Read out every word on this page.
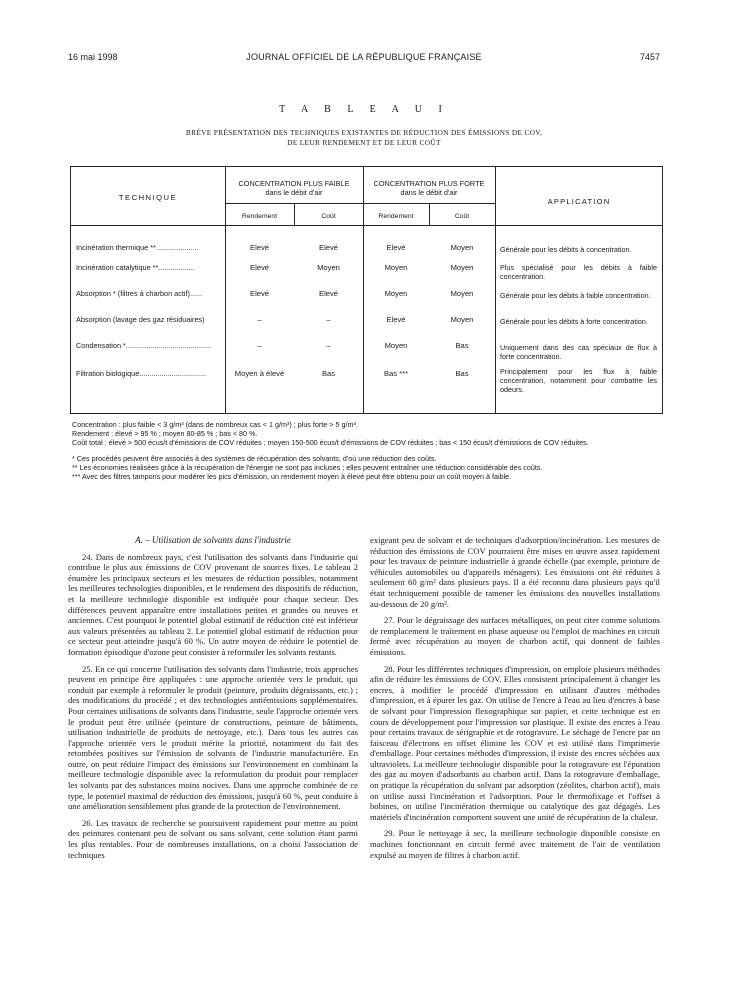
16 mai 1998	JOURNAL OFFICIEL DE LA RÉPUBLIQUE FRANÇAISE	7457
T A B L E A U I
BRÈVE PRÉSENTATION DES TECHNIQUES EXISTANTES DE RÉDUCTION DES ÉMISSIONS DE COV,
DE LEUR RENDEMENT ET DE LEUR COÛT
TECHNIQUE	APPLICATION
CONCENTRATION PLUS FAIBLE
dans le débit d'air
CONCENTRATION PLUS FORTE
dans le débit d'air
Rendement	Coût	Rendement	Coût
Incinération thermique **.....................	Elevé	Elevé	Elevé	Moyen	Générale pour les débits à concentration.
Incinération catalytique **..................	Elevé	Moyen	Moyen	Moyen	Plus spécialisé pour les débits à faible concentration.
Absorption * (filtres à charbon actif)......	Elevé	Elevé	Moyen	Moyen	Générale pour les débits à faible concentration.
Absorption (lavage des gaz résiduaires)	–	–	Elevé	Moyen	Générale pour les débits à forte concentration.
Condensation *..........................................	–	–	Moyen	Bas	Uniquement dans des cas spéciaux de flux à forte concentration.
Filtration biologique.................................	Moyen à élevé	Bas	Bas ***	Bas	Principalement pour les flux à faible concentration, notamment pour combattre les odeurs.

Concentration : plus faible < 3 g/m³ (dans de nombreux cas < 1 g/m³) ; plus forte > 5 g/m³.

Rendement : élevé > 95 % ; moyen 80-85 % ; bas < 80 %.

Coût total : élevé > 500 écus/t d'émissions de COV réduites ; moyen 150-500 écus/t d'émissions de COV réduites ; bas < 150 écus/t d'émissions de COV réduites.

* Ces procédés peuvent être associés à des systèmes de récupération des solvants, d'où une réduction des coûts.

** Les économies réalisées grâce à la récupération de l'énergie ne sont pas incluses ; elles peuvent entraîner une réduction considérable des coûts.

*** Avec des filtres tampons pour modérer les pics d'émission, un rendement moyen à élevé peut être obtenu pour un coût moyen à faible.

A. – Utilisation de solvants dans l'industrie

24. Dans de nombreux pays, c'est l'utilisation des solvants dans l'industrie qui contribue le plus aux émissions de COV provenant de sources fixes. Le tableau 2 énumère les principaux secteurs et les mesures de réduction possibles, notamment les meilleures technologies disponibles, et le rendement des dispositifs de réduction, et la meilleure technologie disponible est indiquée pour chaque secteur. Des différences peuvent apparaître entre installations petites et grandes ou neuves et anciennes. C'est pourquoi le potentiel global estimatif de réduction cité est inférieur aux valeurs présentées au tableau 2. Le potentiel global estimatif de réduction pour ce secteur peut atteindre jusqu'à 60 %. Un autre moyen de réduire le potentiel de formation épisodique d'ozone peut consister à reformuler les solvants restants.

25. En ce qui concerne l'utilisation des solvants dans l'industrie, trois approches peuvent en principe être appliquées : une approche orientée vers le produit, qui conduit par exemple à reformuler le produit (peinture, produits dégraissants, etc.) ; des modifications du procédé ; et des technologies antiémissions supplémentaires. Pour certaines utilisations de solvants dans l'industrie, seule l'approche orientée vers le produit peut être utilisée (peinture de constructions, peinture de bâtiments, utilisation industrielle de produits de nettoyage, etc.). Dans tous les autres cas l'approche orientée vers le produit mérite la priorité, notamment du fait des retombées positives sur l'émission de solvants de l'industrie manufacturière. En outre, on peut réduire l'impact des émissions sur l'environnement en combinant la meilleure technologie disponible avec la reformulation du produit pour remplacer les solvants par des substances moins nocives. Dans une approche combinée de ce type, le potentiel maximal de réduction des émissions, jusqu'à 60 %, peut conduire à une amélioration sensiblement plus grande de la protection de l'environnement.

26. Les travaux de recherche se poursuivent rapidement pour mettre au point des peintures contenant peu de solvant ou sans solvant, cette solution étant parmi les plus rentables. Pour de nombreuses installations, on a choisi l'association de techniques

exigeant peu de solvant et de techniques d'adsorption/incinération. Les mesures de réduction des émissions de COV pourraient être mises en œuvre assez rapidement pour les travaux de peinture industrielle à grande échelle (par exemple, peinture de véhicules automobiles ou d'appareils ménagers). Les émissions ont été réduites à seulement 60 g/m² dans plusieurs pays. Il a été reconnu dans plusieurs pays qu'il était techniquement possible de ramener les émissions des nouvelles installations au-dessous de 20 g/m².

27. Pour le dégraissage des surfaces métalliques, on peut citer comme solutions de remplacement le traitement en phase aqueuse ou l'emploi de machines en circuit fermé avec récupération au moyen de charbon actif, qui donnent de faibles émissions.

28. Pour les différentes techniques d'impression, on emploie plusieurs méthodes afin de réduire les émissions de COV. Elles consistent principalement à changer les encres, à modifier le procédé d'impression en utilisant d'autres méthodes d'impression, et à épurer les gaz. On utilise de l'encre à l'eau au lieu d'encres à base de solvant pour l'impression flexographique sur papier, et cette technique est en cours de développement pour l'impression sur plastique. Il existe des encres à l'eau pour certains travaux de sérigraphie et de rotogravure. Le séchage de l'encre par un faisceau d'électrons en offset élimine les COV et est utilisé dans l'imprimerie d'emballage. Pour certaines méthodes d'impression, il existe des encres séchées aux ultraviolets. La meilleure technologie disponible pour la rotogravure est l'épuration des gaz au moyen d'adsorbants au charbon actif. Dans la rotogravure d'emballage, on pratique la récupération du solvant par adsorption (zéolites, charbon actif), mais on utilise aussi l'incinération et l'adsorption. Pour le thermofixage et l'offset à bobines, on utilise l'incinération thermique ou catalytique des gaz dégagés. Les matériels d'incinération comportent souvent une unité de récupération de la chaleur.

29. Pour le nettoyage à sec, la meilleure technologie disponible consiste en machines fonctionnant en circuit fermé avec traitement de l'air de ventilation expulsé au moyen de filtres à charbon actif.
